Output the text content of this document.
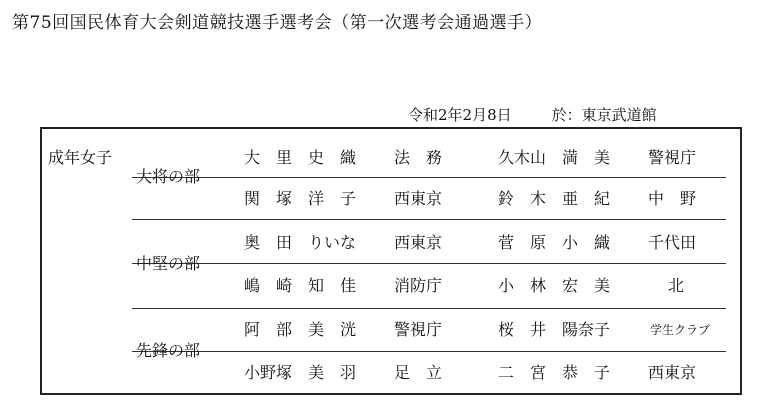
第75回国民体育大会剣道競技選手選考会（第一次選考会通過選手）
令和2年2月8日	於：東京武道館
成年女子
大将の部
大　里　史　織 法　務	久木山　満　美 警視庁
関　塚　洋　子 西東京	鈴　木　亜　紀 中　野
中堅の部
奥　田　りいな 西東京	菅　原　小　織 千代田
嶋　崎　知　佳 消防庁	小　林　宏　美	北
先鋒の部
阿　部　美　洸 警視庁	桜　井　陽奈子	学生クラブ
小野塚　美　羽 足　立	二　宮　恭　子 西東京
